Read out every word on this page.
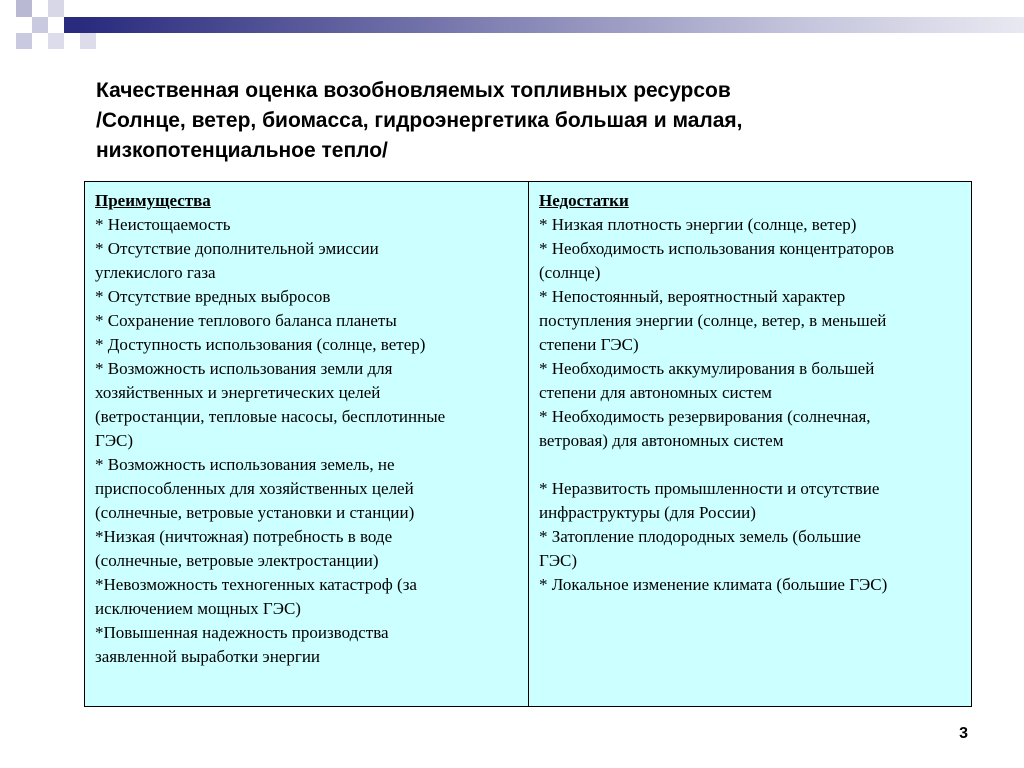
Качественная оценка возобновляемых топливных ресурсов
/Солнце, ветер, биомасса, гидроэнергетика большая и малая,
низкопотенциальное тепло/
Преимущества
* Неистощаемость
* Отсутствие дополнительной эмиссии
углекислого газа
* Отсутствие вредных выбросов
* Сохранение теплового баланса планеты
* Доступность использования (солнце, ветер)
* Возможность использования земли для
хозяйственных и энергетических целей
(ветростанции, тепловые насосы, бесплотинные
ГЭС)
* Возможность использования земель, не
приспособленных для хозяйственных целей
(солнечные, ветровые установки и станции)
*Низкая (ничтожная) потребность в воде
(солнечные, ветровые электростанции)
*Невозможность техногенных катастроф (за
исключением мощных ГЭС)
*Повышенная надежность производства
заявленной выработки энергии
Недостатки
* Низкая плотность энергии (солнце, ветер)
* Необходимость использования концентраторов
(солнце)
* Непостоянный, вероятностный характер
поступления энергии (солнце, ветер, в меньшей
степени ГЭС)
* Необходимость аккумулирования в большей
степени для автономных систем
* Необходимость резервирования (солнечная,
ветровая) для автономных систем
* Неразвитость промышленности и отсутствие
инфраструктуры (для России)
* Затопление плодородных земель (большие
ГЭС)
* Локальное изменение климата (большие ГЭС)
3
